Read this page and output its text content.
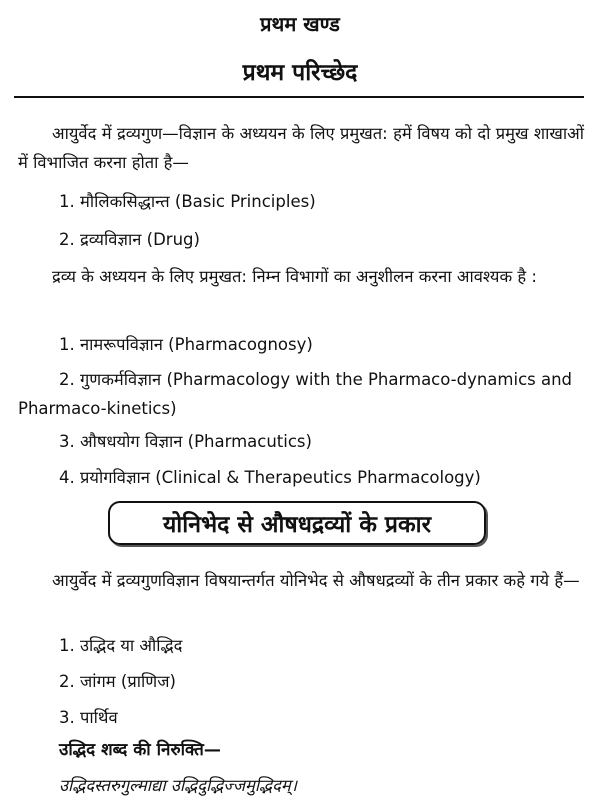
प्रथम खण्ड
प्रथम परिच्छेद
आयुर्वेद में द्रव्यगुण—विज्ञान के अध्ययन के लिए प्रमुखत: हमें विषय को दो प्रमुख शाखाओं में विभाजित करना होता है—
1. मौलिकसिद्धान्त (Basic Principles)
2. द्रव्यविज्ञान (Drug)
द्रव्य के अध्ययन के लिए प्रमुखत: निम्न विभागों का अनुशीलन करना आवश्यक है :
1. नामरूपविज्ञान (Pharmacognosy)
2. गुणकर्मविज्ञान (Pharmacology with the Pharmaco-dynamics and Pharmaco-kinetics)
3. औषधयोग विज्ञान (Pharmacutics)
4. प्रयोगविज्ञान (Clinical & Therapeutics Pharmacology)
योनिभेद से औषधद्रव्यों के प्रकार
आयुर्वेद में द्रव्यगुणविज्ञान विषयान्तर्गत योनिभेद से औषधद्रव्यों के तीन प्रकार कहे गये हैं—
1. उद्भिद या औद्भिद
2. जांगम (प्राणिज)
3. पार्थिव
उद्भिद शब्द की निरुक्ति—
उद्भिदस्तरुगुल्माद्या उद्भिदुद्भिज्जमुद्भिदम्।
